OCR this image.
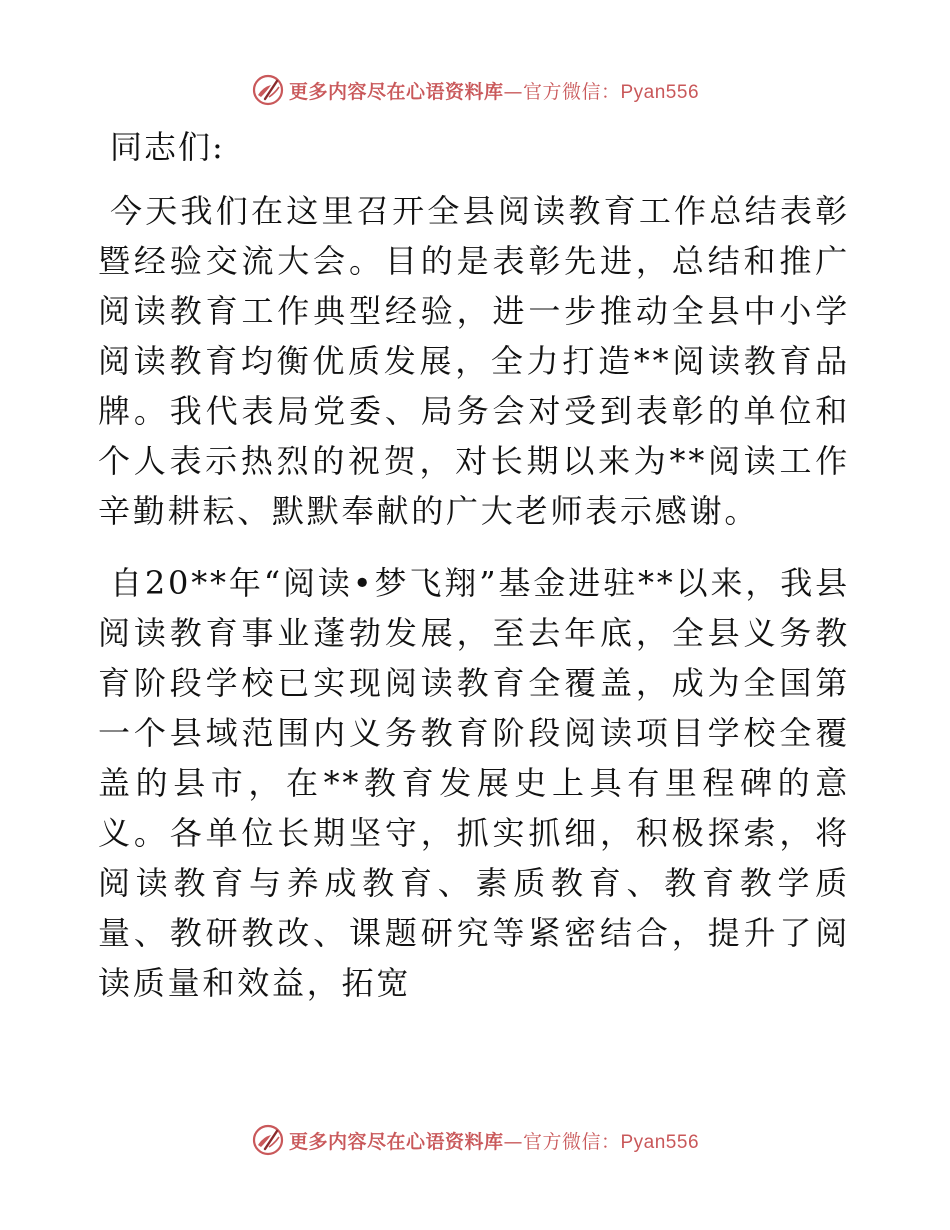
更多内容尽在心语资料库—官方微信：Pyan556
同志们:
今天我们在这里召开全县阅读教育工作总结表彰暨经验交流大会。目的是表彰先进，总结和推广阅读教育工作典型经验，进一步推动全县中小学阅读教育均衡优质发展，全力打造**阅读教育品牌。我代表局党委、局务会对受到表彰的单位和个人表示热烈的祝贺，对长期以来为**阅读工作辛勤耕耘、默默奉献的广大老师表示感谢。
自20**年“阅读•梦飞翔”基金进驻**以来，我县阅读教育事业蓬勃发展，至去年底，全县义务教育阶段学校已实现阅读教育全覆盖，成为全国第一个县域范围内义务教育阶段阅读项目学校全覆盖的县市，在**教育发展史上具有里程碑的意义。各单位长期坚守，抓实抓细，积极探索，将阅读教育与养成教育、素质教育、教育教学质量、教研教改、课题研究等紧密结合，提升了阅读质量和效益，拓宽
更多内容尽在心语资料库—官方微信：Pyan556
